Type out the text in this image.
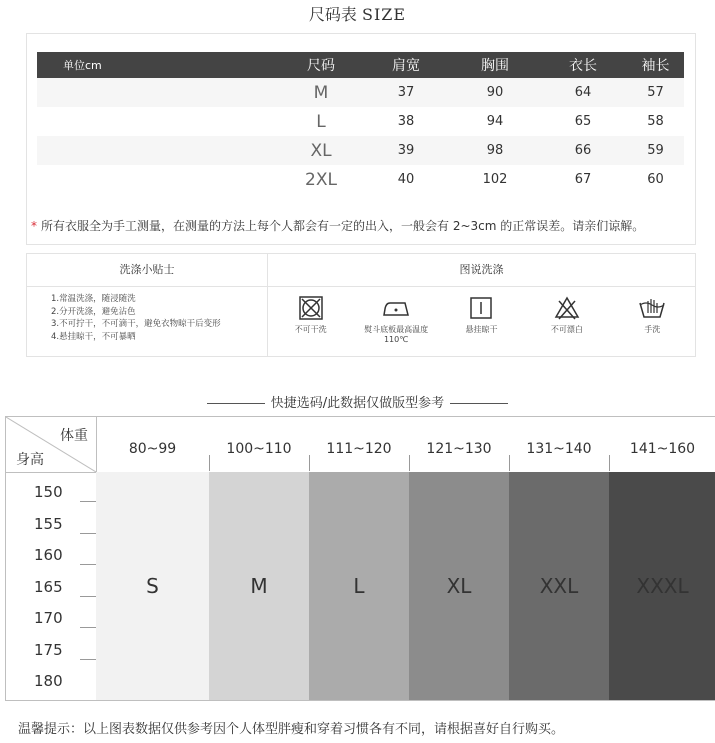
尺码表 SIZE
单位cm	尺码	肩宽	胸围	衣长	袖长
	M	37	90	64	57
	L	38	94	65	58
	XL	39	98	66	59
	2XL	40	102	67	60
* 所有衣服全为手工测量，在测量的方法上每个人都会有一定的出入，一般会有 2~3cm 的正常误差。请亲们谅解。
洗涤小贴士
1.常温洗涤，随浸随洗
2.分开洗涤，避免沾色
3.不可拧干，不可滴干，避免衣物晾干后变形
4.悬挂晾干，不可暴晒
图说洗涤
不可干洗	熨斗底板最高温度110℃
悬挂晾干	不可漂白	手洗
快捷选码/此数据仅做版型参考
体重
身高
80~99
S
100~110
M
111~120
L
121~130
XL
131~140
XXL
141~160
XXXL
150
155
160
165
170
175
180
温馨提示：以上图表数据仅供参考因个人体型胖瘦和穿着习惯各有不同，请根据喜好自行购买。
